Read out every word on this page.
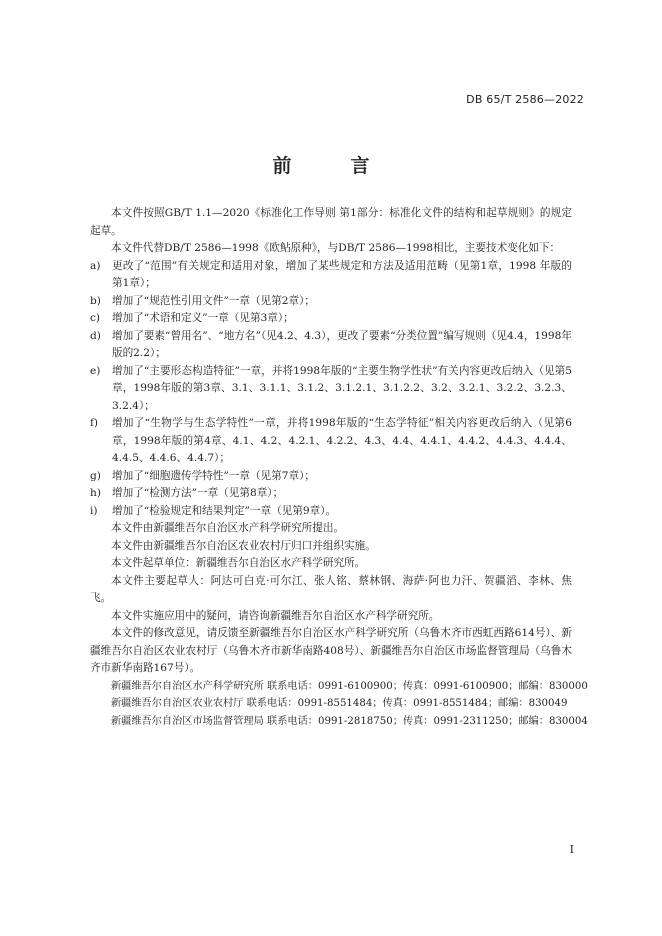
DB 65/T 2586—2022
前　言

本文件按照GB/T 1.1—2020《标准化工作导则 第1部分：标准化文件的结构和起草规则》的规定起草。

本文件代替DB/T 2586—1998《欧鲇原种》，与DB/T 2586—1998相比，主要技术变化如下：

a)	更改了“范围”有关规定和适用对象，增加了某些规定和方法及适用范畴（见第1章，1998 年版的第1章）；

b)	增加了“规范性引用文件”一章（见第2章）；

c)	增加了“术语和定义”一章（见第3章）；

d)	增加了要素“曾用名”、“地方名”（见4.2、4.3），更改了要素“分类位置”编写规则（见4.4，1998年版的2.2）；

e)	增加了“主要形态构造特征”一章，并将1998年版的“主要生物学性状”有关内容更改后纳入（见第5章，1998年版的第3章、3.1、3.1.1、3.1.2、3.1.2.1、3.1.2.2、3.2、3.2.1、3.2.2、3.2.3、3.2.4）；

f)	增加了“生物学与生态学特性”一章，并将1998年版的“生态学特征”相关内容更改后纳入（见第6章，1998年版的第4章、4.1、4.2、4.2.1、4.2.2、4.3、4.4、4.4.1、4.4.2、4.4.3、4.4.4、4.4.5、4.4.6、4.4.7）；

g)	增加了“细胞遗传学特性”一章（见第7章）；

h)	增加了“检测方法”一章（见第8章）；

i)	增加了“检验规定和结果判定”一章（见第9章）。

本文件由新疆维吾尔自治区水产科学研究所提出。

本文件由新疆维吾尔自治区农业农村厅归口并组织实施。

本文件起草单位：新疆维吾尔自治区水产科学研究所。

本文件主要起草人：阿达可白克·可尔江、张人铭、蔡林钢、海萨·阿也力汗、贺疆滔、李林、焦飞。

本文件实施应用中的疑问，请咨询新疆维吾尔自治区水产科学研究所。

本文件的修改意见，请反馈至新疆维吾尔自治区水产科学研究所（乌鲁木齐市西虹西路614号）、新疆维吾尔自治区农业农村厅（乌鲁木齐市新华南路408号）、新疆维吾尔自治区市场监督管理局（乌鲁木齐市新华南路167号）。

新疆维吾尔自治区水产科学研究所 联系电话：0991-6100900；传真：0991-6100900；邮编：830000

新疆维吾尔自治区农业农村厅 联系电话：0991-8551484；传真：0991-8551484；邮编：830049

新疆维吾尔自治区市场监督管理局 联系电话：0991-2818750；传真：0991-2311250；邮编：830004

I
